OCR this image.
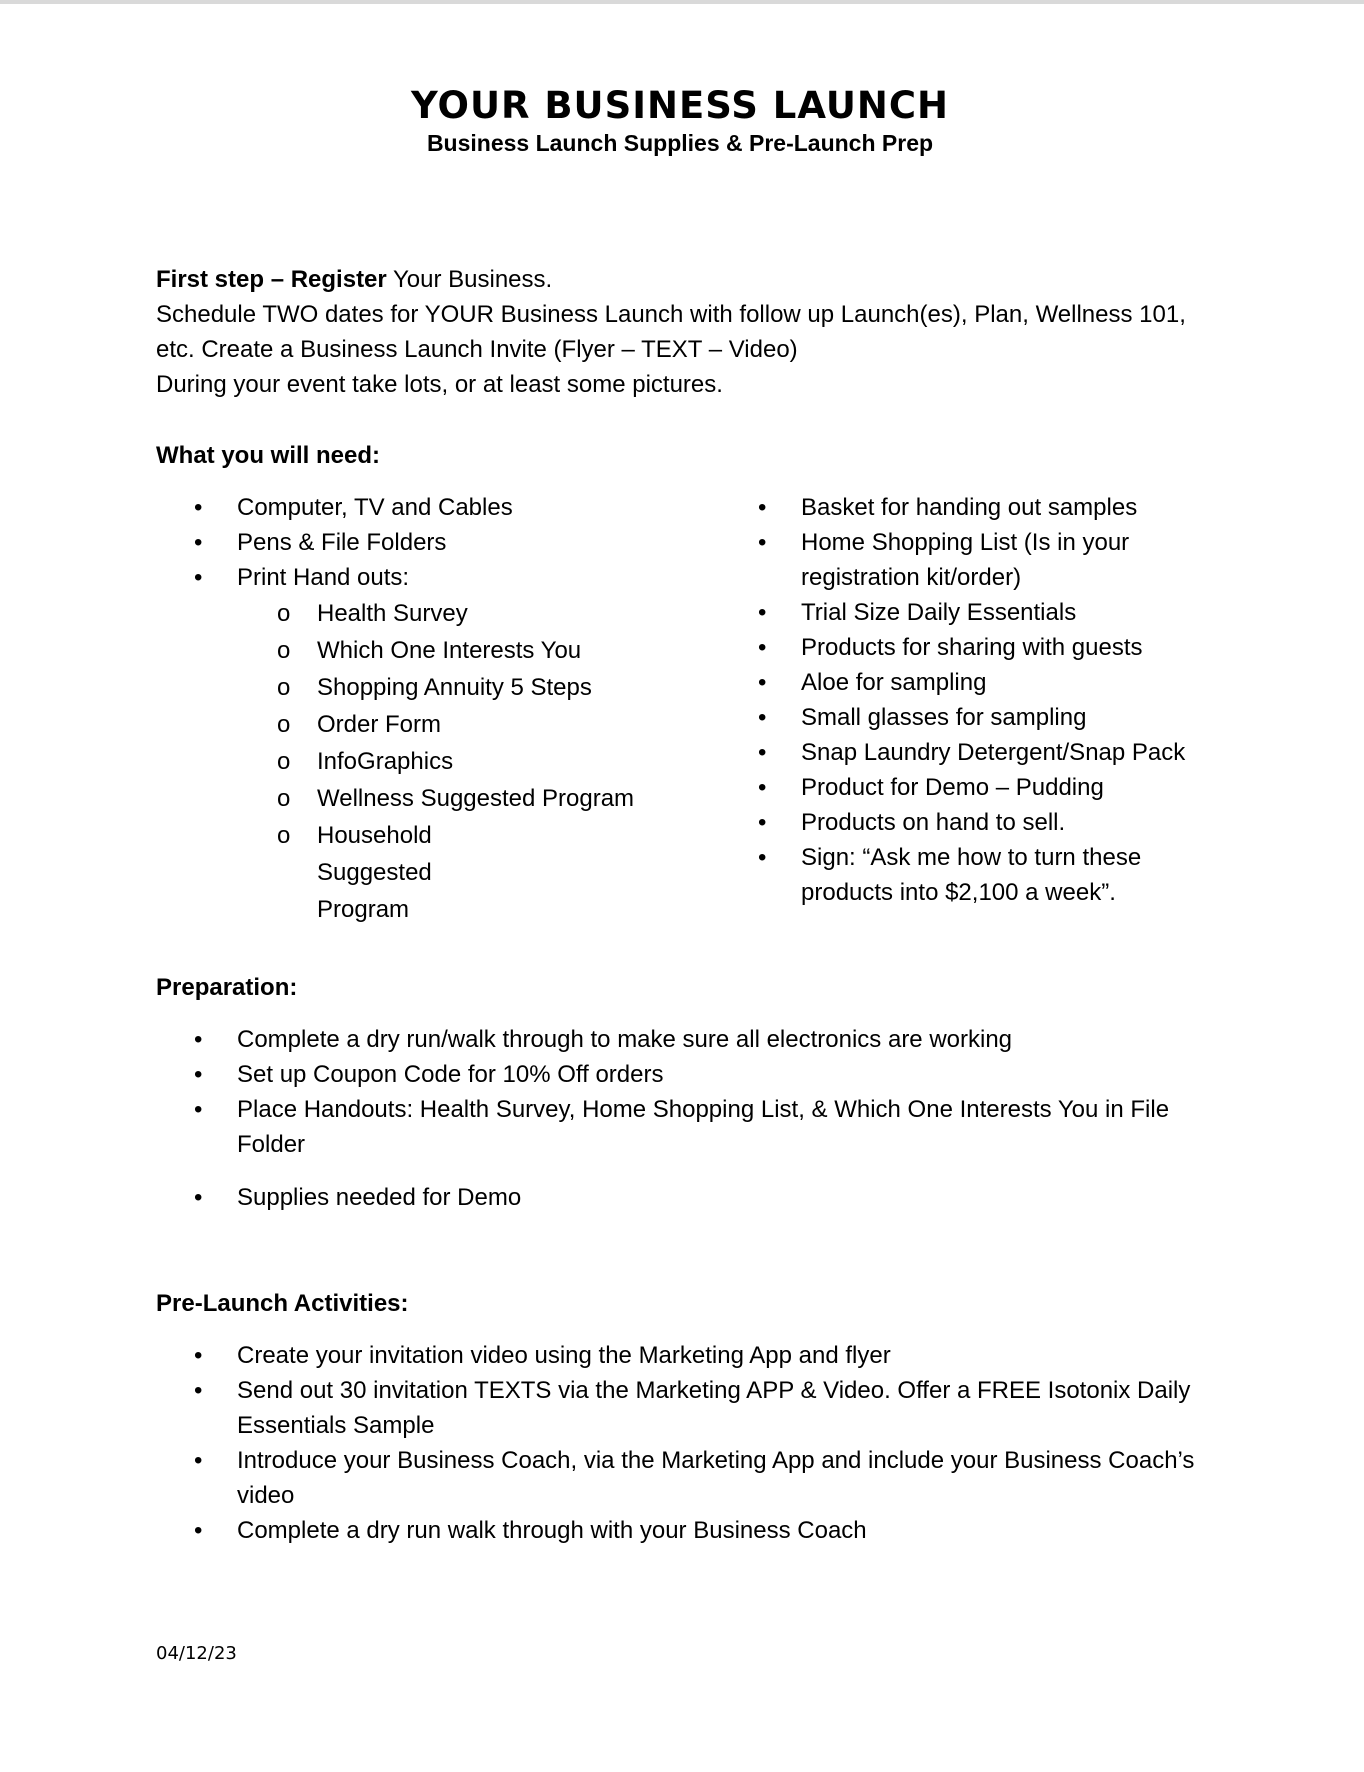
YOUR BUSINESS LAUNCH
Business Launch Supplies & Pre-Launch Prep

First step – Register Your Business.

Schedule TWO dates for YOUR Business Launch with follow up Launch(es), Plan, Wellness 101, etc. Create a Business Launch Invite (Flyer – TEXT – Video)

During your event take lots, or at least some pictures.

What you will need:
• Computer, TV and Cables
• Pens & File Folders
• Print Hand outs:
o Health Survey
o Which One Interests You
o Shopping Annuity 5 Steps
o Order Form
o InfoGraphics
o Wellness Suggested Program
o Household Suggested Program
• Basket for handing out samples
• Home Shopping List (Is in your registration kit/order)
• Trial Size Daily Essentials
• Products for sharing with guests
• Aloe for sampling
• Small glasses for sampling
• Snap Laundry Detergent/Snap Pack
• Product for Demo – Pudding
• Products on hand to sell.
• Sign: “Ask me how to turn these products into $2,100 a week”.
Preparation:
• Complete a dry run/walk through to make sure all electronics are working
• Set up Coupon Code for 10% Off orders
• Place Handouts: Health Survey, Home Shopping List, & Which One Interests You in File Folder
• Supplies needed for Demo
Pre-Launch Activities:
• Create your invitation video using the Marketing App and flyer
• Send out 30 invitation TEXTS via the Marketing APP & Video. Offer a FREE Isotonix Daily Essentials Sample
• Introduce your Business Coach, via the Marketing App and include your Business Coach’s video
• Complete a dry run walk through with your Business Coach
04/12/23
